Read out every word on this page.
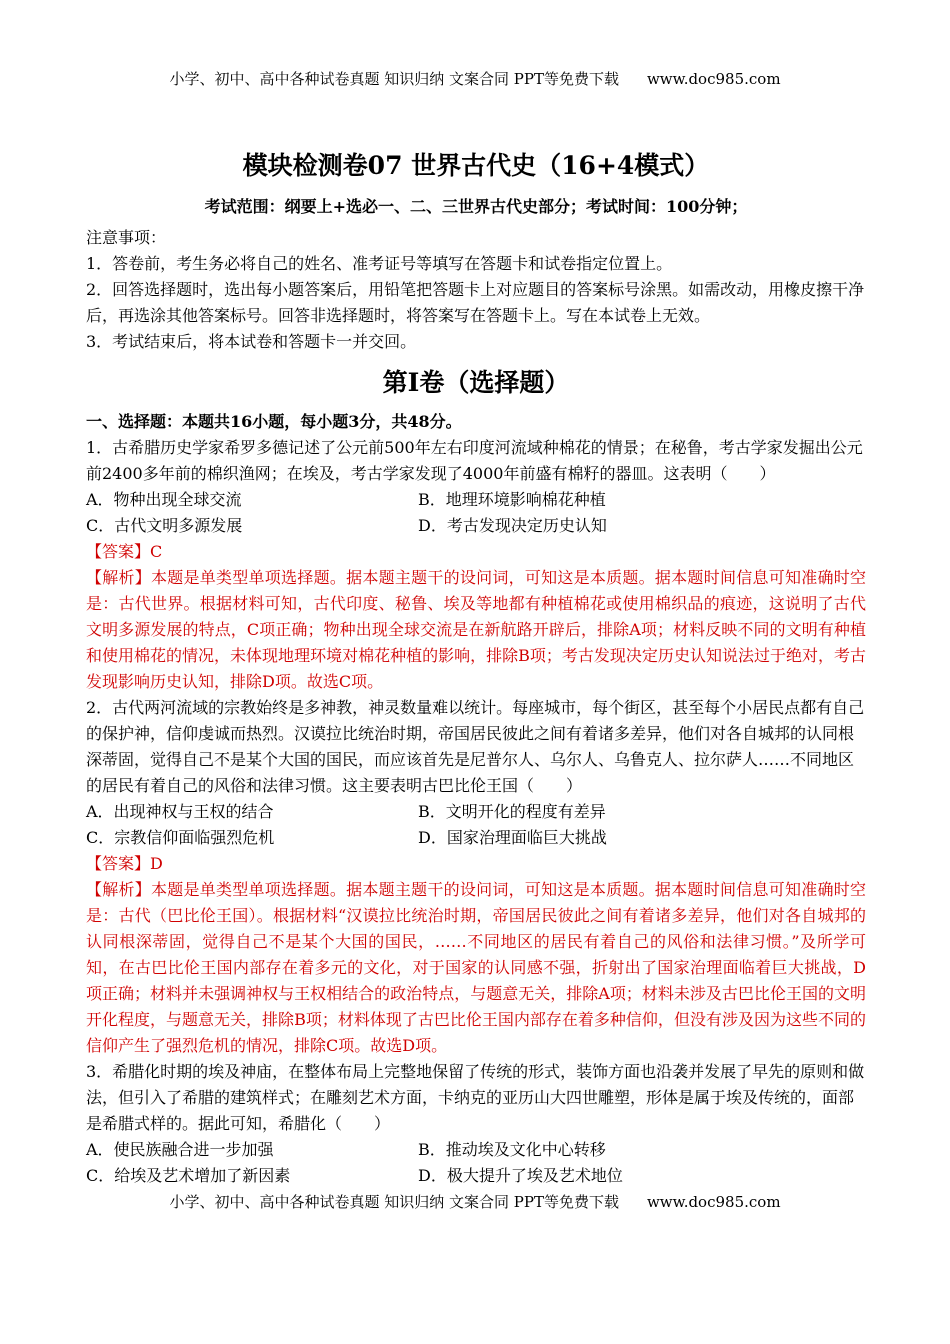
小学、初中、高中各种试卷真题 知识归纳 文案合同 PPT等免费下载 www.doc985.com
模块检测卷07 世界古代史（16+4模式）
考试范围：纲要上+选必一、二、三世界古代史部分；考试时间：100分钟；
注意事项：
1．答卷前，考生务必将自己的姓名、准考证号等填写在答题卡和试卷指定位置上。
2．回答选择题时，选出每小题答案后，用铅笔把答题卡上对应题目的答案标号涂黑。如需改动，用橡皮擦干净后，再选涂其他答案标号。回答非选择题时，将答案写在答题卡上。写在本试卷上无效。
3．考试结束后，将本试卷和答题卡一并交回。
第I卷（选择题）
一、选择题：本题共16小题，每小题3分，共48分。
1．古希腊历史学家希罗多德记述了公元前500年左右印度河流域种棉花的情景；在秘鲁，考古学家发掘出公元前2400多年前的棉织渔网；在埃及，考古学家发现了4000年前盛有棉籽的器皿。这表明（　　）
A．物种出现全球交流	B．地理环境影响棉花种植
C．古代文明多源发展	D．考古发现决定历史认知
【答案】C
【解析】本题是单类型单项选择题。据本题主题干的设问词，可知这是本质题。据本题时间信息可知准确时空是：古代世界。根据材料可知，古代印度、秘鲁、埃及等地都有种植棉花或使用棉织品的痕迹，这说明了古代文明多源发展的特点，C项正确；物种出现全球交流是在新航路开辟后，排除A项；材料反映不同的文明有种植和使用棉花的情况，未体现地理环境对棉花种植的影响，排除B项；考古发现决定历史认知说法过于绝对，考古发现影响历史认知，排除D项。故选C项。
2．古代两河流域的宗教始终是多神教，神灵数量难以统计。每座城市，每个街区，甚至每个小居民点都有自己的保护神，信仰虔诚而热烈。汉谟拉比统治时期，帝国居民彼此之间有着诸多差异，他们对各自城邦的认同根深蒂固，觉得自己不是某个大国的国民，而应该首先是尼普尔人、乌尔人、乌鲁克人、拉尔萨人……不同地区的居民有着自己的风俗和法律习惯。这主要表明古巴比伦王国（　　）
A．出现神权与王权的结合	B．文明开化的程度有差异
C．宗教信仰面临强烈危机	D．国家治理面临巨大挑战
【答案】D
【解析】本题是单类型单项选择题。据本题主题干的设问词，可知这是本质题。据本题时间信息可知准确时空是：古代（巴比伦王国）。根据材料“汉谟拉比统治时期，帝国居民彼此之间有着诸多差异，他们对各自城邦的认同根深蒂固，觉得自己不是某个大国的国民，……不同地区的居民有着自己的风俗和法律习惯。”及所学可知，在古巴比伦王国内部存在着多元的文化，对于国家的认同感不强，折射出了国家治理面临着巨大挑战，D项正确；材料并未强调神权与王权相结合的政治特点，与题意无关，排除A项；材料未涉及古巴比伦王国的文明开化程度，与题意无关，排除B项；材料体现了古巴比伦王国内部存在着多种信仰，但没有涉及因为这些不同的信仰产生了强烈危机的情况，排除C项。故选D项。
3．希腊化时期的埃及神庙，在整体布局上完整地保留了传统的形式，装饰方面也沿袭并发展了早先的原则和做法，但引入了希腊的建筑样式；在雕刻艺术方面，卡纳克的亚历山大四世雕塑，形体是属于埃及传统的，面部是希腊式样的。据此可知，希腊化（　　）
A．使民族融合进一步加强	B．推动埃及文化中心转移
C．给埃及艺术增加了新因素	D．极大提升了埃及艺术地位
小学、初中、高中各种试卷真题 知识归纳 文案合同 PPT等免费下载 www.doc985.com
